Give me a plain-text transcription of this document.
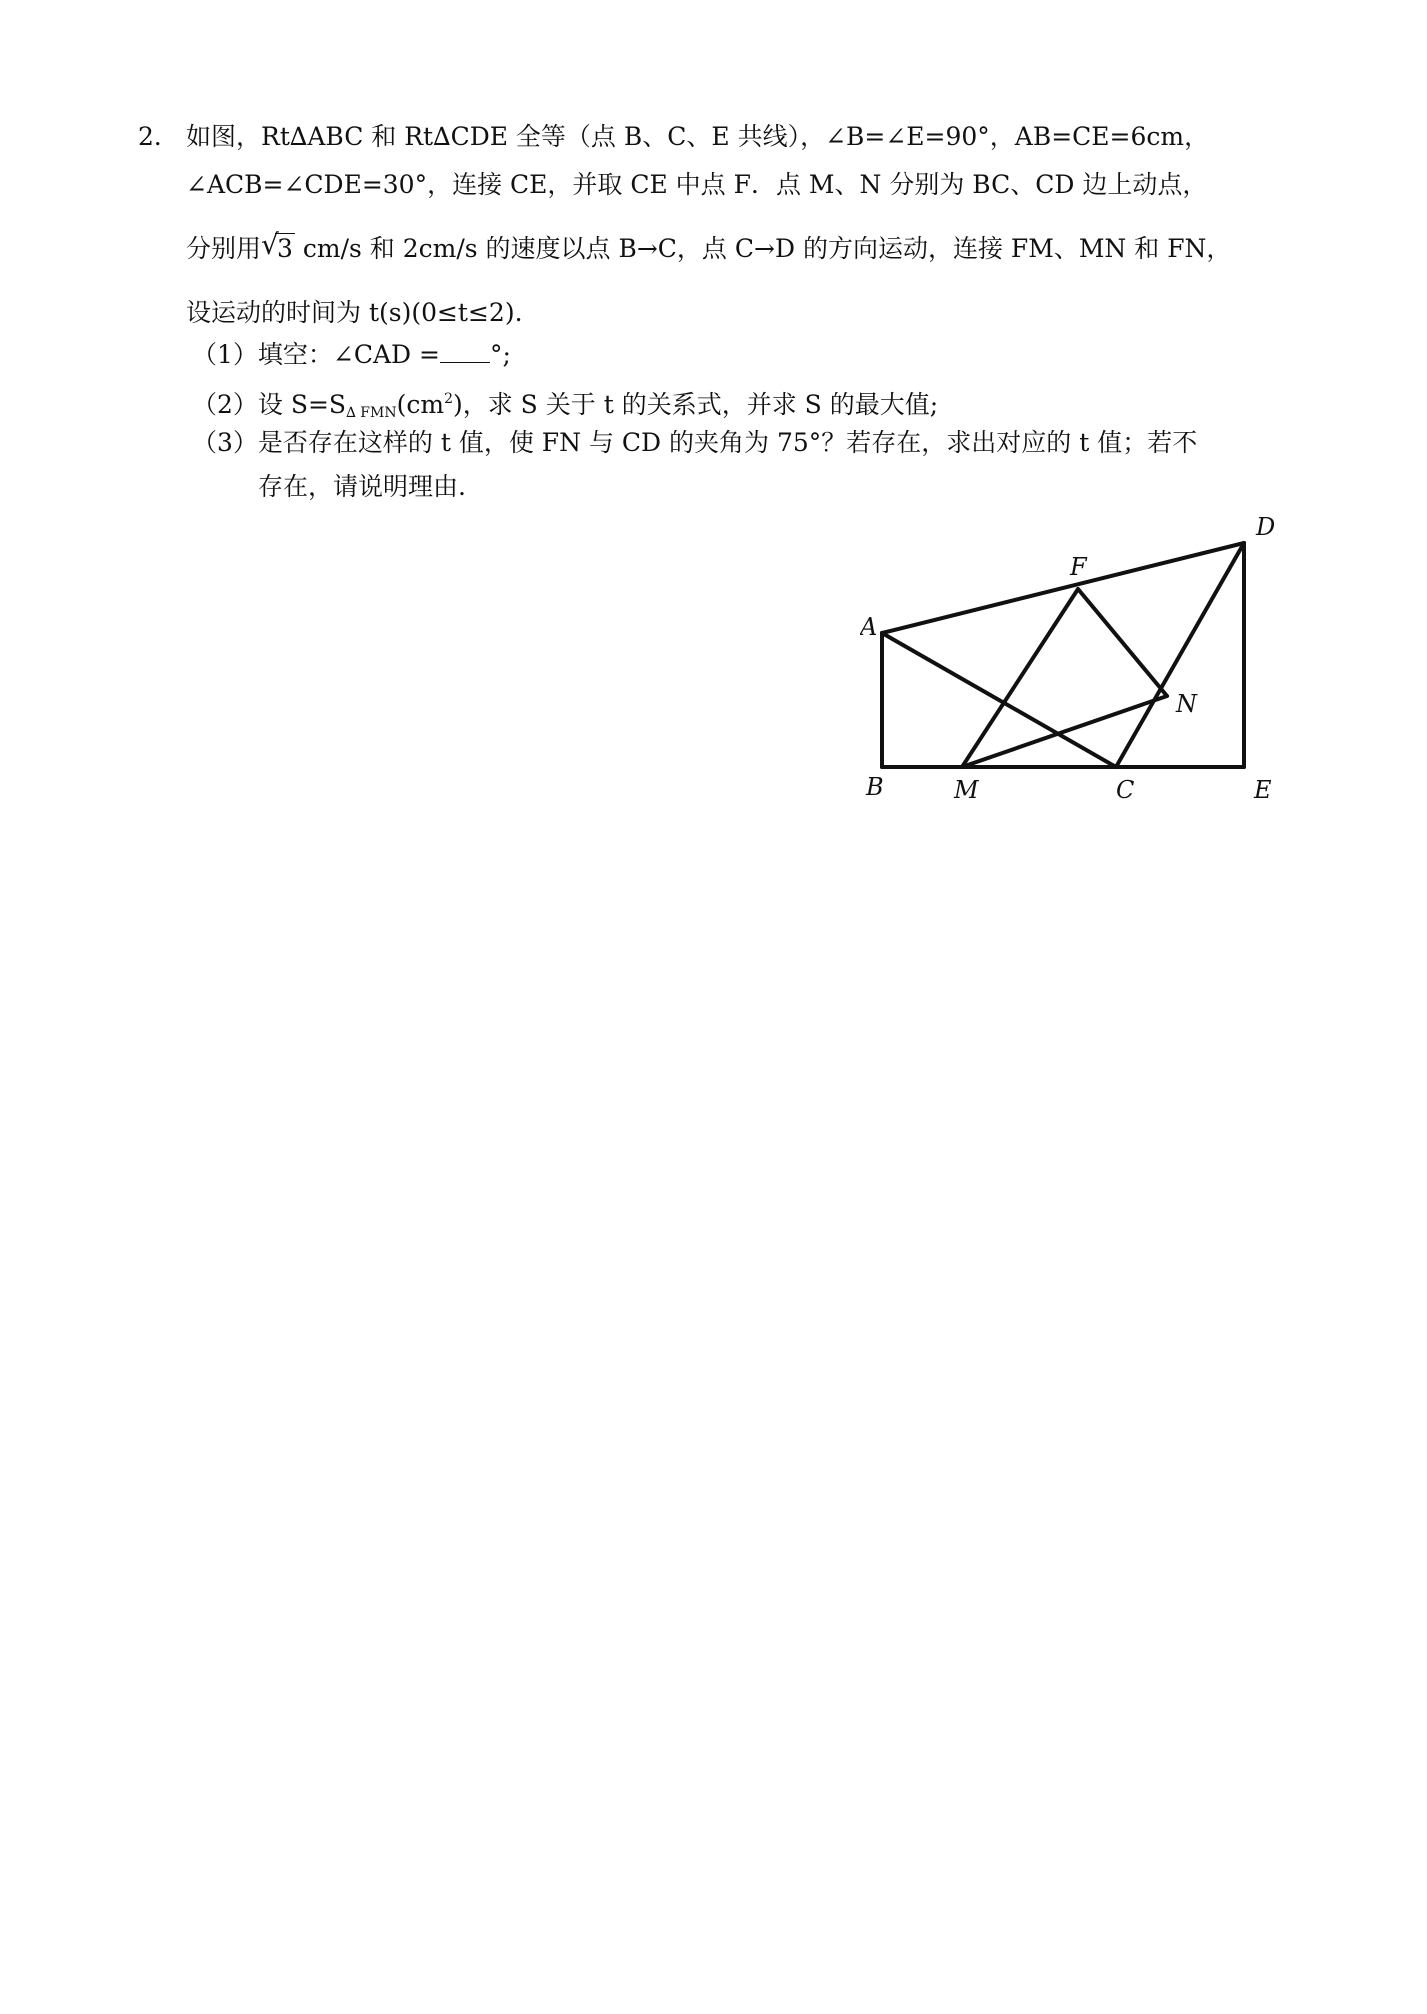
2． 如图，Rt∆ABC 和 Rt∆CDE 全等（点 B、C、E 共线），∠B=∠E=90°，AB=CE=6cm，
∠ACB=∠CDE=30°，连接 CE，并取 CE 中点 F．点 M、N 分别为 BC、CD 边上动点，
分别用 √
3 cm/s 和 2cm/s 的速度以点 B→C，点 C→D 的方向运动，连接 FM、MN 和 FN，
设运动的时间为 t(s)(0≤t≤2).
（1）填空：∠CAD = °;
（2）设 $S=S_{\Delta FMN}(cm^2)$，求 S 关于 t 的关系式，并求 S 的最大值;
（3）是否存在这样的 t 值，使 FN 与 CD 的夹角为 75°？若存在，求出对应的 t 值；若不
存在，请说明理由.
A
B	M	C	E
D
F
N
